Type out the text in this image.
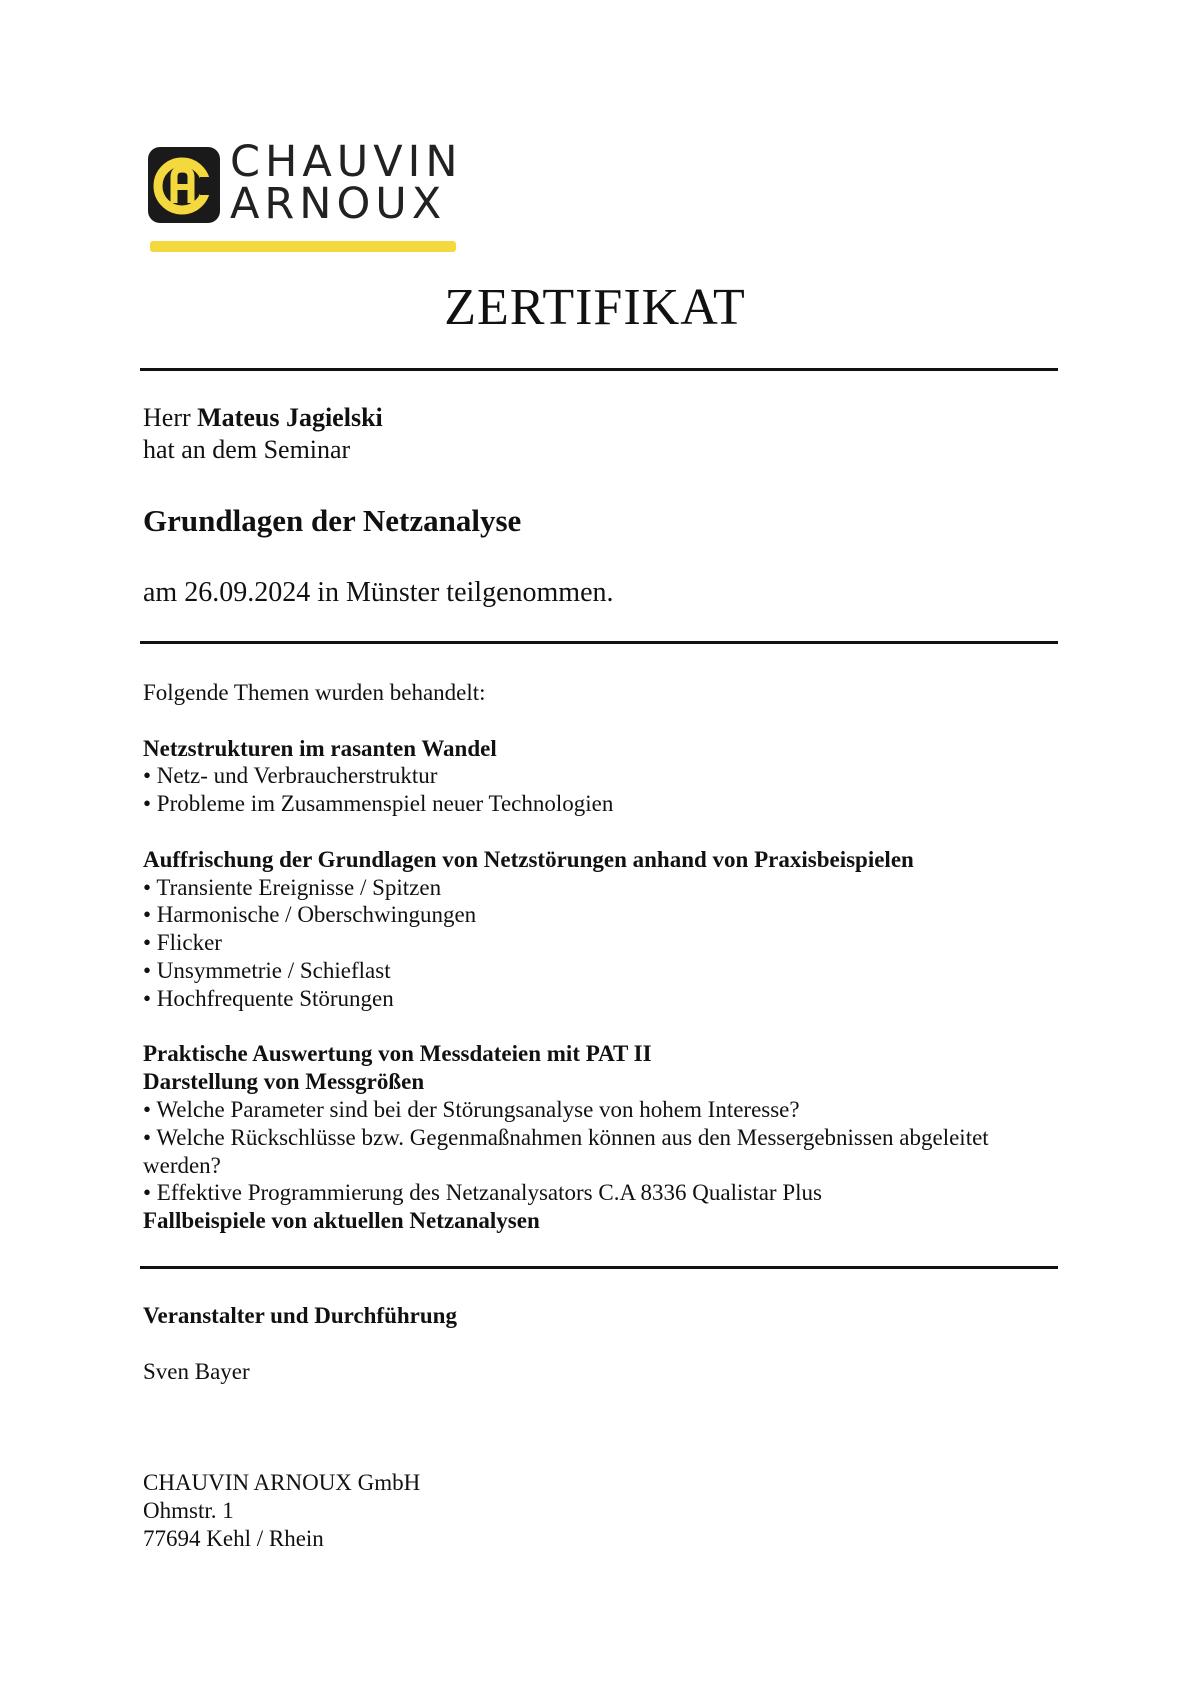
CHAUVIN
ARNOUX
ZERTIFIKAT
Herr Mateus Jagielski
hat an dem Seminar
Grundlagen der Netzanalyse
am 26.09.2024 in Münster teilgenommen.
Folgende Themen wurden behandelt:
Netzstrukturen im rasanten Wandel
• Netz- und Verbraucherstruktur
• Probleme im Zusammenspiel neuer Technologien
Auffrischung der Grundlagen von Netzstörungen anhand von Praxisbeispielen
• Transiente Ereignisse / Spitzen
• Harmonische / Oberschwingungen
• Flicker
• Unsymmetrie / Schieflast
• Hochfrequente Störungen
Praktische Auswertung von Messdateien mit PAT II
Darstellung von Messgrößen
• Welche Parameter sind bei der Störungsanalyse von hohem Interesse?
• Welche Rückschlüsse bzw. Gegenmaßnahmen können aus den Messergebnissen abgeleitet werden?
• Effektive Programmierung des Netzanalysators C.A 8336 Qualistar Plus
Fallbeispiele von aktuellen Netzanalysen
Veranstalter und Durchführung
Sven Bayer
CHAUVIN ARNOUX GmbH
Ohmstr. 1
77694 Kehl / Rhein
